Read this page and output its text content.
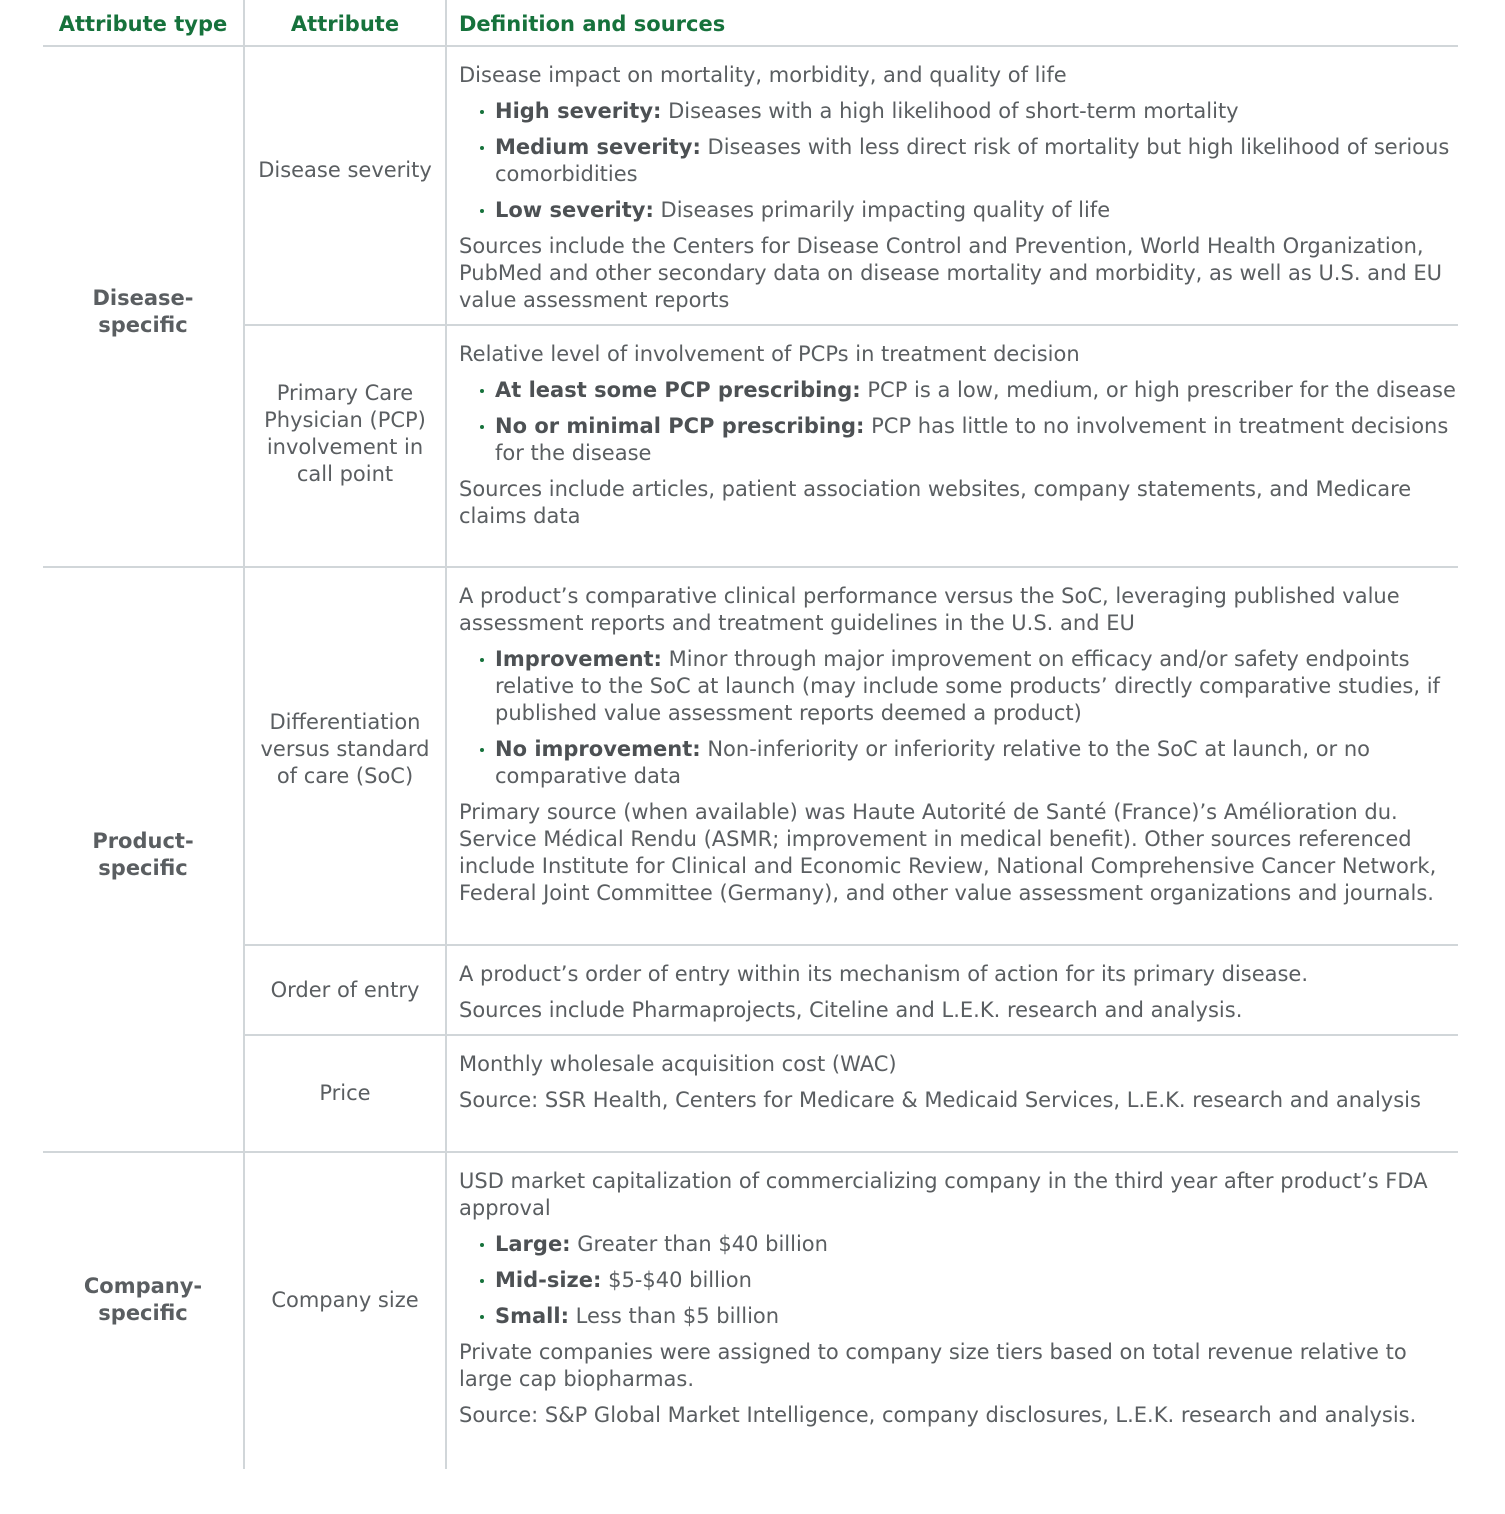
Attribute type	Attribute	Definition and sources
Disease-
specific
Product-
specific
Company-
specific
Disease severity

Disease impact on mortality, morbidity, and quality of life

High severity: Diseases with a high likelihood of short-term mortality
Medium severity: Diseases with less direct risk of mortality but high likelihood of serious comorbidities
Low severity: Diseases primarily impacting quality of life

Sources include the Centers for Disease Control and Prevention, World Health Organization, PubMed and other secondary data on disease mortality and morbidity, as well as U.S. and EU value assessment reports

Primary Care Physician (PCP) involvement in call point

Relative level of involvement of PCPs in treatment decision

At least some PCP prescribing: PCP is a low, medium, or high prescriber for the disease
No or minimal PCP prescribing: PCP has little to no involvement in treatment decisions for the disease

Sources include articles, patient association websites, company statements, and Medicare claims data

Differentiation versus standard of care (SoC)

A product’s comparative clinical performance versus the SoC, leveraging published value assessment reports and treatment guidelines in the U.S. and EU

Improvement: Minor through major improvement on efficacy and/or safety endpoints relative to the SoC at launch (may include some products’ directly comparative studies, if published value assessment reports deemed a product)
No improvement: Non-inferiority or inferiority relative to the SoC at launch, or no comparative data

Primary source (when available) was Haute Autorité de Santé (France)’s Amélioration du. Service Médical Rendu (ASMR; improvement in medical benefit). Other sources referenced include Institute for Clinical and Economic Review, National Comprehensive Cancer Network, Federal Joint Committee (Germany), and other value assessment organizations and journals.

Order of entry

A product’s order of entry within its mechanism of action for its primary disease.

Sources include Pharmaprojects, Citeline and L.E.K. research and analysis.

Price

Monthly wholesale acquisition cost (WAC)

Source: SSR Health, Centers for Medicare & Medicaid Services, L.E.K. research and analysis

Company size

USD market capitalization of commercializing company in the third year after product’s FDA approval

Large: Greater than $40 billion
Mid-size: $5-$40 billion
Small: Less than $5 billion

Private companies were assigned to company size tiers based on total revenue relative to large cap biopharmas.

Source: S&P Global Market Intelligence, company disclosures, L.E.K. research and analysis.
